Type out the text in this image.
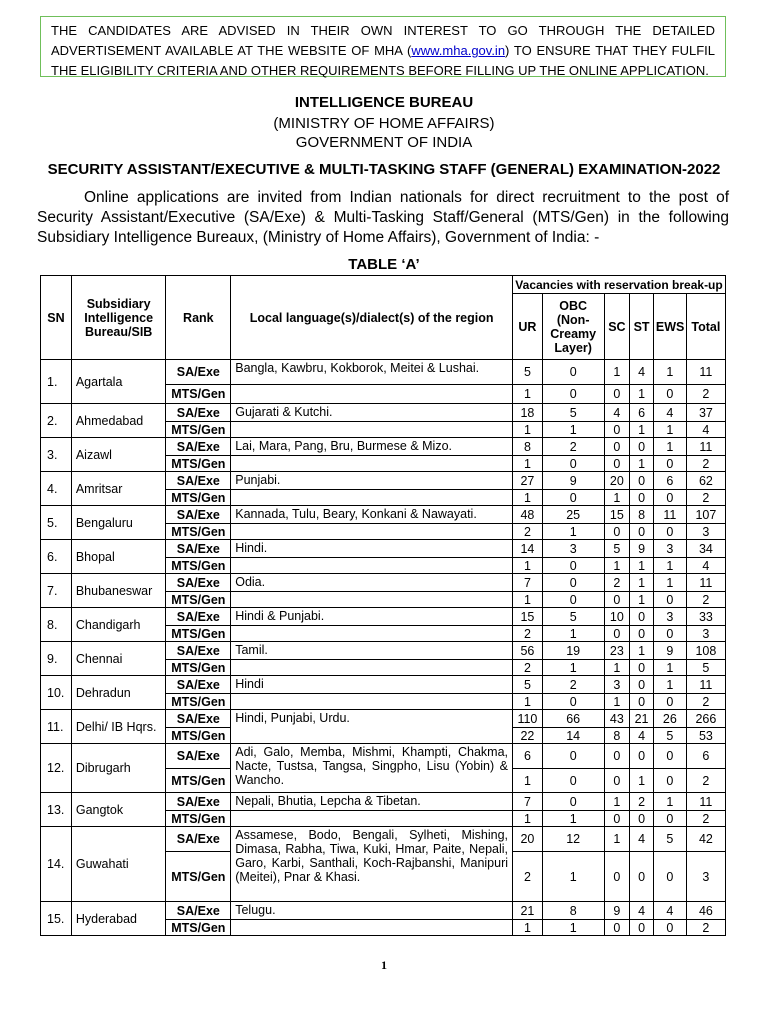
THE CANDIDATES ARE ADVISED IN THEIR OWN INTEREST TO GO THROUGH THE DETAILED ADVERTISEMENT AVAILABLE AT THE WEBSITE OF MHA (www.mha.gov.in) TO ENSURE THAT THEY FULFIL THE ELIGIBILITY CRITERIA AND OTHER REQUIREMENTS BEFORE FILLING UP THE ONLINE APPLICATION.
INTELLIGENCE BUREAU
(MINISTRY OF HOME AFFAIRS)
GOVERNMENT OF INDIA
SECURITY ASSISTANT/EXECUTIVE & MULTI-TASKING STAFF (GENERAL) EXAMINATION-2022
Online applications are invited from Indian nationals for direct recruitment to the post of Security Assistant/Executive (SA/Exe) & Multi-Tasking Staff/General (MTS/Gen) in the following Subsidiary Intelligence Bureaux, (Ministry of Home Affairs), Government of India: -
TABLE ‘A’
SN	Subsidiary Intelligence Bureau/SIB	Rank	Local language(s)/dialect(s) of the region	Vacancies with reservation break-up					
				UR	OBC (Non-Creamy Layer)	SC	ST	EWS	Total
1.	Agartala	SA/Exe	Bangla, Kawbru, Kokborok, Meitei & Lushai.	5	0	1	4	1	11
		MTS/Gen		1	0	0	1	0	2
2.	Ahmedabad	SA/Exe	Gujarati & Kutchi.	18	5	4	6	4	37
		MTS/Gen		1	1	0	1	1	4
3.	Aizawl	SA/Exe	Lai, Mara, Pang, Bru, Burmese & Mizo.	8	2	0	0	1	11
		MTS/Gen		1	0	0	1	0	2
4.	Amritsar	SA/Exe	Punjabi.	27	9	20	0	6	62
		MTS/Gen		1	0	1	0	0	2
5.	Bengaluru	SA/Exe	Kannada, Tulu, Beary, Konkani & Nawayati.	48	25	15	8	11	107
		MTS/Gen		2	1	0	0	0	3
6.	Bhopal	SA/Exe	Hindi.	14	3	5	9	3	34
		MTS/Gen		1	0	1	1	1	4
7.	Bhubaneswar	SA/Exe	Odia.	7	0	2	1	1	11
		MTS/Gen		1	0	0	1	0	2
8.	Chandigarh	SA/Exe	Hindi & Punjabi.	15	5	10	0	3	33
		MTS/Gen		2	1	0	0	0	3
9.	Chennai	SA/Exe	Tamil.	56	19	23	1	9	108
		MTS/Gen		2	1	1	0	1	5
10.	Dehradun	SA/Exe	Hindi	5	2	3	0	1	11
		MTS/Gen		1	0	1	0	0	2
11.	Delhi/ IB Hqrs.	SA/Exe	Hindi, Punjabi, Urdu.	110	66	43	21	26	266
		MTS/Gen		22	14	8	4	5	53
12.	Dibrugarh	SA/Exe	Adi, Galo, Memba, Mishmi, Khampti, Chakma, Nacte, Tustsa, Tangsa, Singpho, Lisu (Yobin) & Wancho.	6	0	0	0	0	6
		MTS/Gen		1	0	0	1	0	2
13.	Gangtok	SA/Exe	Nepali, Bhutia, Lepcha & Tibetan.	7	0	1	2	1	11
		MTS/Gen		1	1	0	0	0	2
14.	Guwahati	SA/Exe	Assamese, Bodo, Bengali, Sylheti, Mishing, Dimasa, Rabha, Tiwa, Kuki, Hmar, Paite, Nepali, Garo, Karbi, Santhali, Koch-Rajbanshi, Manipuri (Meitei), Pnar & Khasi.	20	12	1	4	5	42
		MTS/Gen		2	1	0	0	0	3
15.	Hyderabad	SA/Exe	Telugu.	21	8	9	4	4	46
		MTS/Gen		1	1	0	0	0	2
1
